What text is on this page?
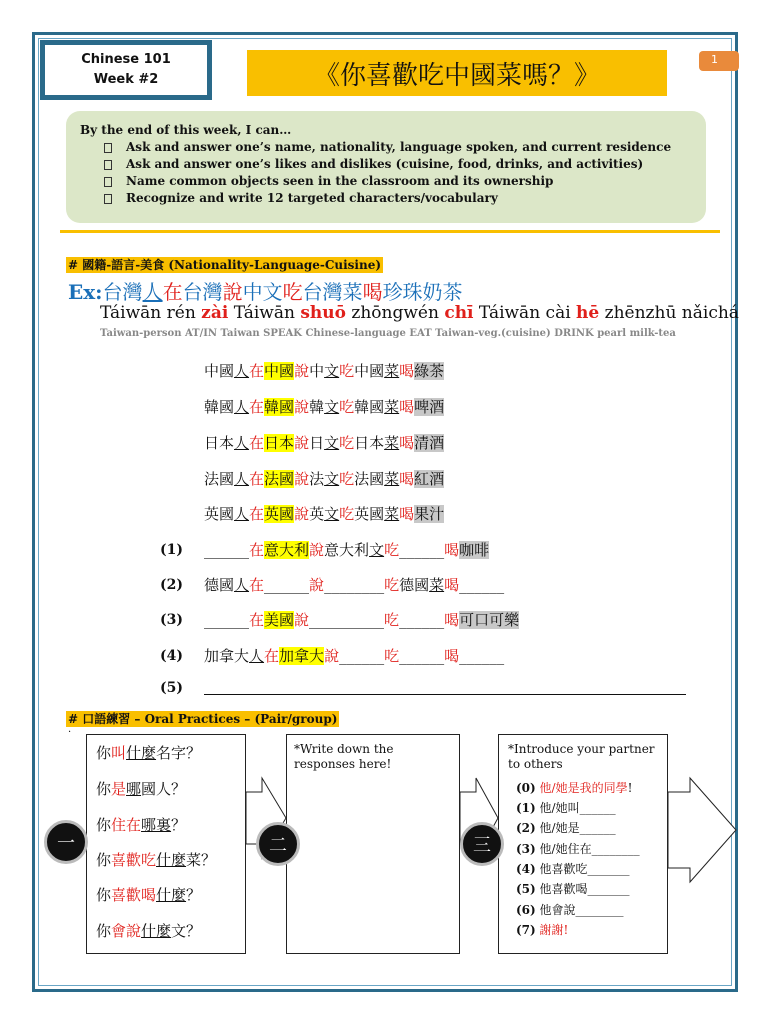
Chinese 101
Week #2	《你喜歡吃中國菜嗎？》
1
By the end of this week, I can…
Ask and answer one’s name, nationality, language spoken, and current residence
Ask and answer one’s likes and dislikes (cuisine, food, drinks, and activities)
Name common objects seen in the classroom and its ownership
Recognize and write 12 targeted characters/vocabulary
# 國籍-語言-美食 (Nationality-Language-Cuisine)
Ex:台灣人在台灣說中文吃台灣菜喝珍珠奶茶
Táiwān rén zài Táiwān shuō zhōngwén chī Táiwān cài hē zhēnzhū nǎichá
Taiwan-person AT/IN Taiwan SPEAK Chinese-language EAT Taiwan-veg.(cuisine) DRINK pearl milk-tea
中國人在中國說中文吃中國菜喝綠茶
韓國人在韓國說韓文吃韓國菜喝啤酒
日本人在日本說日文吃日本菜喝清酒
法國人在法國說法文吃法國菜喝紅酒
英國人在英國說英文吃英國菜喝果汁
(1) ______在意大利說意大利文吃______喝咖啡
(2) 德國人在______說________吃德國菜喝______
(3) ______在美國說__________吃______喝可口可樂
(4) 加拿大人在加拿大說______吃______喝______
(5)
# 口語練習 – Oral Practices – (Pair/group)
·
你叫什麼名字？
你是哪國人？
你住在哪裏？
你喜歡吃什麼菜？
你喜歡喝什麼？
你會說什麼文？
一	二	三
*Write down the responses here!
*Introduce your partner to others
(0) 他/她是我的同學!
(1) 他/她叫______
(2) 他/她是______
(3) 他/她住在________
(4) 他喜歡吃_______
(5) 他喜歡喝_______
(6) 他會說________
(7) 謝謝!
